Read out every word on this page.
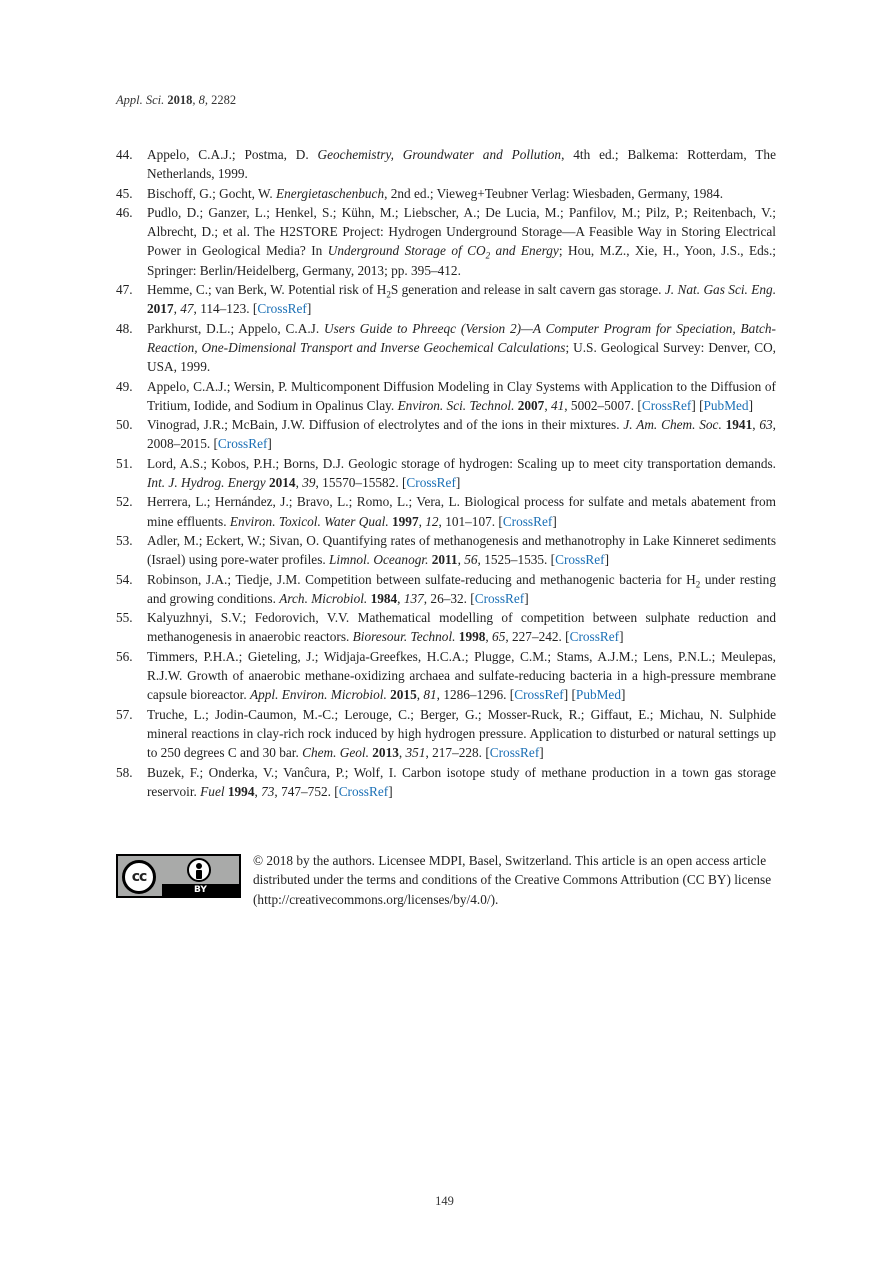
Appl. Sci. 2018, 8, 2282
44. Appelo, C.A.J.; Postma, D. Geochemistry, Groundwater and Pollution, 4th ed.; Balkema: Rotterdam, The Netherlands, 1999.
45. Bischoff, G.; Gocht, W. Energietaschenbuch, 2nd ed.; Vieweg+Teubner Verlag: Wiesbaden, Germany, 1984.
46. Pudlo, D.; Ganzer, L.; Henkel, S.; Kühn, M.; Liebscher, A.; De Lucia, M.; Panfilov, M.; Pilz, P.; Reitenbach, V.; Albrecht, D.; et al. The H2STORE Project: Hydrogen Underground Storage—A Feasible Way in Storing Electrical Power in Geological Media? In Underground Storage of $CO_2$ and Energy; Hou, M.Z., Xie, H., Yoon, J.S., Eds.; Springer: Berlin/Heidelberg, Germany, 2013; pp. 395–412.
47. Hemme, C.; van Berk, W. Potential risk of $H_2S$ generation and release in salt cavern gas storage. J. Nat. Gas Sci. Eng. 2017, 47, 114–123. [CrossRef]
48. Parkhurst, D.L.; Appelo, C.A.J. Users Guide to Phreeqc (Version 2)—A Computer Program for Speciation, Batch-Reaction, One-Dimensional Transport and Inverse Geochemical Calculations; U.S. Geological Survey: Denver, CO, USA, 1999.
49. Appelo, C.A.J.; Wersin, P. Multicomponent Diffusion Modeling in Clay Systems with Application to the Diffusion of Tritium, Iodide, and Sodium in Opalinus Clay. Environ. Sci. Technol. 2007, 41, 5002–5007. [CrossRef] [PubMed]
50. Vinograd, J.R.; McBain, J.W. Diffusion of electrolytes and of the ions in their mixtures. J. Am. Chem. Soc. 1941, 63, 2008–2015. [CrossRef]
51. Lord, A.S.; Kobos, P.H.; Borns, D.J. Geologic storage of hydrogen: Scaling up to meet city transportation demands. Int. J. Hydrog. Energy 2014, 39, 15570–15582. [CrossRef]
52. Herrera, L.; Hernández, J.; Bravo, L.; Romo, L.; Vera, L. Biological process for sulfate and metals abatement from mine effluents. Environ. Toxicol. Water Qual. 1997, 12, 101–107. [CrossRef]
53. Adler, M.; Eckert, W.; Sivan, O. Quantifying rates of methanogenesis and methanotrophy in Lake Kinneret sediments (Israel) using pore-water profiles. Limnol. Oceanogr. 2011, 56, 1525–1535. [CrossRef]
54. Robinson, J.A.; Tiedje, J.M. Competition between sulfate-reducing and methanogenic bacteria for $H_2$ under resting and growing conditions. Arch. Microbiol. 1984, 137, 26–32. [CrossRef]
55. Kalyuzhnyi, S.V.; Fedorovich, V.V. Mathematical modelling of competition between sulphate reduction and methanogenesis in anaerobic reactors. Bioresour. Technol. 1998, 65, 227–242. [CrossRef]
56. Timmers, P.H.A.; Gieteling, J.; Widjaja-Greefkes, H.C.A.; Plugge, C.M.; Stams, A.J.M.; Lens, P.N.L.; Meulepas, R.J.W. Growth of anaerobic methane-oxidizing archaea and sulfate-reducing bacteria in a high-pressure membrane capsule bioreactor. Appl. Environ. Microbiol. 2015, 81, 1286–1296. [CrossRef] [PubMed]
57. Truche, L.; Jodin-Caumon, M.-C.; Lerouge, C.; Berger, G.; Mosser-Ruck, R.; Giffaut, E.; Michau, N. Sulphide mineral reactions in clay-rich rock induced by high hydrogen pressure. Application to disturbed or natural settings up to 250 degrees C and 30 bar. Chem. Geol. 2013, 351, 217–228. [CrossRef]
58. Buzek, F.; Onderka, V.; Vanĉura, P.; Wolf, I. Carbon isotope study of methane production in a town gas storage reservoir. Fuel 1994, 73, 747–752. [CrossRef]
cc
BY
© 2018 by the authors. Licensee MDPI, Basel, Switzerland. This article is an open access article distributed under the terms and conditions of the Creative Commons Attribution (CC BY) license (http://creativecommons.org/licenses/by/4.0/).
149
